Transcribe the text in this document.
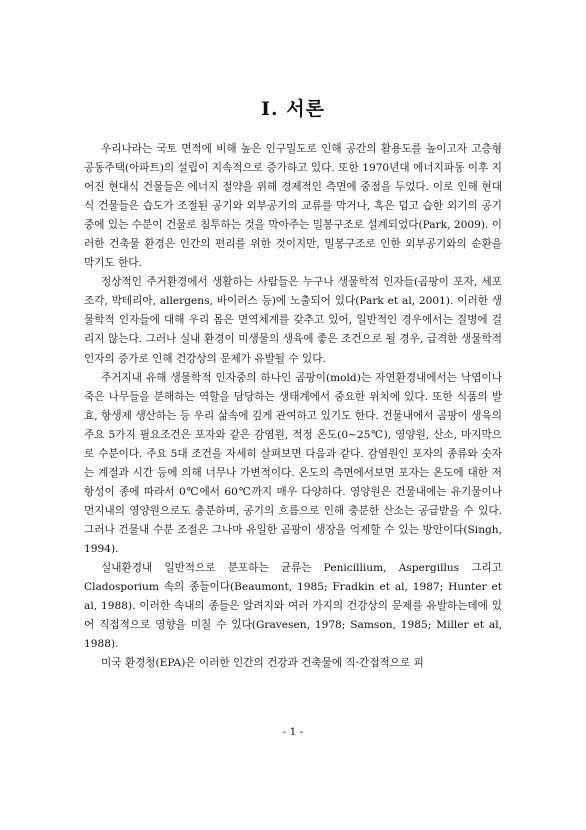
Ⅰ. 서론

우리나라는 국토 면적에 비해 높은 인구밀도로 인해 공간의 활용도를 높이고자 고층형 공동주택(아파트)의 설립이 지속적으로 증가하고 있다. 또한 1970년대 에너지파동 이후 지어진 현대식 건물들은 에너지 절약을 위해 경제적인 측면에 중점을 두었다. 이로 인해 현대식 건물들은 습도가 조절된 공기와 외부공기의 교류를 막거나, 혹은 덥고 습한 외기의 공기중에 있는 수분이 건물로 침투하는 것을 막아주는 밀봉구조로 설계되었다(Park, 2009). 이러한 건축물 환경은 인간의 편리를 위한 것이지만, 밀봉구조로 인한 외부공기와의 순환을 막기도 한다.

정상적인 주거환경에서 생활하는 사람들은 누구나 생물학적 인자들(곰팡이 포자, 세포 조각, 박테리아, allergens, 바이러스 등)에 노출되어 있다(Park et al, 2001). 이러한 생물학적 인자들에 대해 우리 몸은 면역체계를 갖추고 있어, 일반적인 경우에서는 질병에 걸리지 않는다. 그러나 실내 환경이 미생물의 생육에 좋은 조건으로 될 경우, 급격한 생물학적 인자의 증가로 인해 건강상의 문제가 유발될 수 있다.

주거지내 유해 생물학적 인자중의 하나인 곰팡이(mold)는 자연환경내에서는 낙엽이나 죽은 나무들을 분해하는 역할을 담당하는 생태계에서 중요한 위치에 있다. 또한 식품의 발효, 항생제 생산하는 등 우리 삶속에 깊게 관여하고 있기도 한다. 건물내에서 곰팡이 생육의 주요 5가지 필요조건은 포자와 같은 감염원, 적정 온도(0~25℃), 영양원, 산소, 마지막으로 수분이다. 주요 5대 조건을 자세히 살펴보면 다음과 같다. 감염원인 포자의 종류와 숫자는 계절과 시간 등에 의해 너무나 가변적이다. 온도의 측면에서보면 포자는 온도에 대한 저항성이 종에 따라서 0℃에서 60℃까지 매우 다양하다. 영양원은 건물내에는 유기물이나 먼지내의 영양원으로도 충분하며, 공기의 흐름으로 인해 충분한 산소는 공급받을 수 있다. 그러나 건물내 수분 조절은 그나마 유일한 곰팡이 생장을 억제할 수 있는 방안이다(Singh, 1994).

실내환경내 일반적으로 분포하는 균류는 Penicillium, Aspergillus 그리고 Cladosporium 속의 종들이다(Beaumont, 1985; Fradkin et al, 1987; Hunter et al, 1988). 이러한 속내의 종들은 알려지와 여러 가지의 건강상의 문제를 유발하는데에 있어 직접적으로 영향을 미칠 수 있다(Gravesen, 1978; Samson, 1985; Miller et al, 1988).

미국 환경청(EPA)은 이러한 인간의 건강과 건축물에 직·간접적으로 피

- 1 -
